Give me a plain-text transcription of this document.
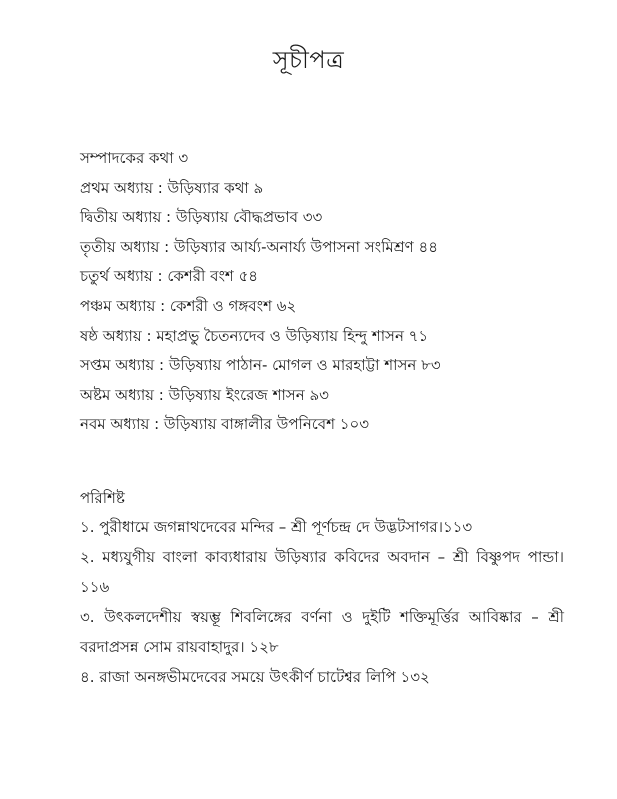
সূচীপত্র
সম্পাদকের কথা ৩
প্রথম অধ্যায় : উড়িষ্যার কথা ৯
দ্বিতীয় অধ্যায় : উড়িষ্যায় বৌদ্ধপ্রভাব ৩৩
তৃতীয় অধ্যায় : উড়িষ্যার আর্য্য-অনার্য্য উপাসনা সংমিশ্রণ ৪৪
চতুর্থ অধ্যায় : কেশরী বংশ ৫৪
পঞ্চম অধ্যায় : কেশরী ও গঙ্গবংশ ৬২
ষষ্ঠ অধ্যায় : মহাপ্রভু চৈতন্যদেব ও উড়িষ্যায় হিন্দু শাসন ৭১
সপ্তম অধ্যায় : উড়িষ্যায় পাঠান- মোগল ও মারহাট্টা শাসন ৮৩
অষ্টম অধ্যায় : উড়িষ্যায় ইংরেজ শাসন ৯৩
নবম অধ্যায় : উড়িষ্যায় বাঙ্গালীর উপনিবেশ ১০৩
পরিশিষ্ট
১. পুরীধামে জগন্নাথদেবের মন্দির – শ্রী পূর্ণচন্দ্র দে উদ্ভটসাগর।১১৩
২. মধ্যযুগীয় বাংলা কাব্যধারায় উড়িষ্যার কবিদের অবদান – শ্রী বিষ্ণুপদ পান্ডা। ১১৬
৩. উৎকলদেশীয় স্বয়ম্ভূ শিবলিঙ্গের বর্ণনা ও দুইটি শক্তিমূর্ত্তির আবিষ্কার – শ্রী বরদাপ্রসন্ন সোম রায়বাহাদুর। ১২৮
৪. রাজা অনঙ্গভীমদেবের সময়ে উৎকীর্ণ চাটেশ্বর লিপি ১৩২
